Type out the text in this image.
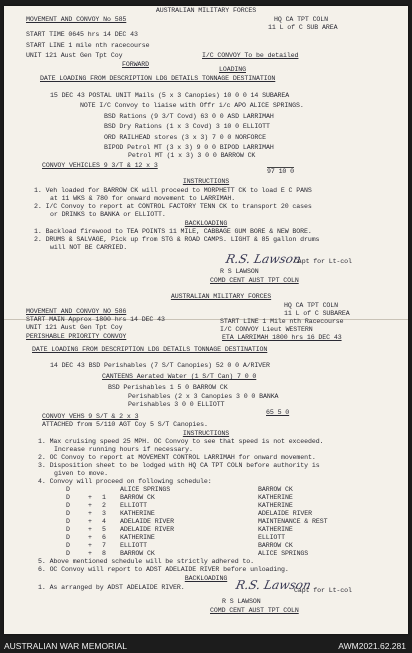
AUSTRALIAN MILITARY FORCES
MOVEMENT AND CONVOY No 585	HQ CA TPT COLN
11 L of C SUB AREA
START TIME 0645 hrs 14 DEC 43
START LINE 1 mile nth racecourse
UNIT 121 Aust Gen Tpt Coy	I/C CONVOY To be detailed
FORWARD
LOADING
DATE LOADING FROM DESCRIPTION LDG DETAILS TONNAGE DESTINATION
15 DEC 43 POSTAL UNIT Mails (5 x 3 Canopies) 10 0 0 14 SUBAREA
NOTE I/C Convoy to liaise with Offr i/c APO ALICE SPRINGS.
BSD Rations (9 3/T Covd) 63 0 0 ASD LARRIMAH
BSD Dry Rations (1 x 3 Covd) 3 10 0 ELLIOTT
ORD RAILHEAD stores (3 x 3) 7 0 0 NORFORCE
BIPOD Petrol MT (3 x 3) 9 0 0 BIPOD LARRIMAH
Petrol MT (1 x 3) 3 0 0 BARROW CK
CONVOY VEHICLES 9 3/T & 12 x 3
97 10 0
INSTRUCTIONS
1. Veh loaded for BARROW CK will proceed to MORPHETT CK to load E C PANS
at 11 WKS & 780 for onward movement to LARRIMAH.
2. I/C Convoy to report at CONTROL FACTORY TENN CK to transport 20 cases
or DRINKS to BANKA or ELLIOTT.
BACKLOADING
1. Backload firewood to TEA POINTS 11 MILE, CABBAGE GUM BORE & NEW BORE.
2. DRUMS & SALVAGE, Pick up from STG & ROAD CAMPS. LIGHT & 85 gallon drums
will NOT BE CARRIED.
R.S. Lawson
Capt for Lt-col
R S LAWSON
COMD CENT AUST TPT COLN
AUSTRALIAN MILITARY FORCES
HQ CA TPT COLN
11 L of C SUBAREA
MOVEMENT AND CONVOY NO 586
START MAIN Approx 1800 hrs 14 DEC 43	START LINE 1 Mile nth Racecourse
UNIT 121 Aust Gen Tpt Coy	I/C CONVOY Lieut WESTERN
PERISHABLE PRIORITY CONVOY	ETA LARRIMAH 1800 hrs 16 DEC 43
DATE LOADING FROM DESCRIPTION LDG DETAILS TONNAGE DESTINATION
14 DEC 43 BSD Perishables (7 S/T Canopies) 52 0 0 A/RIVER
CANTEENS Aerated Water (1 S/T Can) 7 0 0
BSD Perishables 1 5 0 BARROW CK
Perishables (2 x 3 Canopies 3 0 0 BANKA
Perishables 3 0 0 ELLIOTT
65 5 0
CONVOY VEHS 9 S/T & 2 x 3
ATTACHED from 5/110 AGT Coy 5 S/T Canopies.
INSTRUCTIONS
1. Max cruising speed 25 MPH. OC Convoy to see that speed is not exceeded.
Increase running hours if necessary.
2. OC Convoy to report at MOVEMENT CONTROL LARRIMAH for onward movement.
3. Disposition sheet to be lodged with HQ CA TPT COLN before authority is
given to move.
4. Convoy will proceed on following schedule:
D	ALICE SPRINGS	BARROW CK
D	+ 1 BARROW CK	KATHERINE
D	+ 2 ELLIOTT	KATHERINE
D	+ 3 KATHERINE	ADELAIDE RIVER
D	+ 4 ADELAIDE RIVER	MAINTENANCE & REST
D	+ 5 ADELAIDE RIVER	KATHERINE
D	+ 6 KATHERINE	ELLIOTT
D	+ 7 ELLIOTT	BARROW CK
D	+ 8 BARROW CK	ALICE SPRINGS
5. Above mentioned schedule will be strictly adhered to.
6. OC Convoy will report to ADST ADELAIDE RIVER before unloading.
BACKLOADING
1. As arranged by ADST ADELAIDE RIVER.	R.S. Lawson
Capt for Lt-col
R S LAWSON
COMD CENT AUST TPT COLN
AUSTRALIAN WAR MEMORIAL	AWM2021.62.281
